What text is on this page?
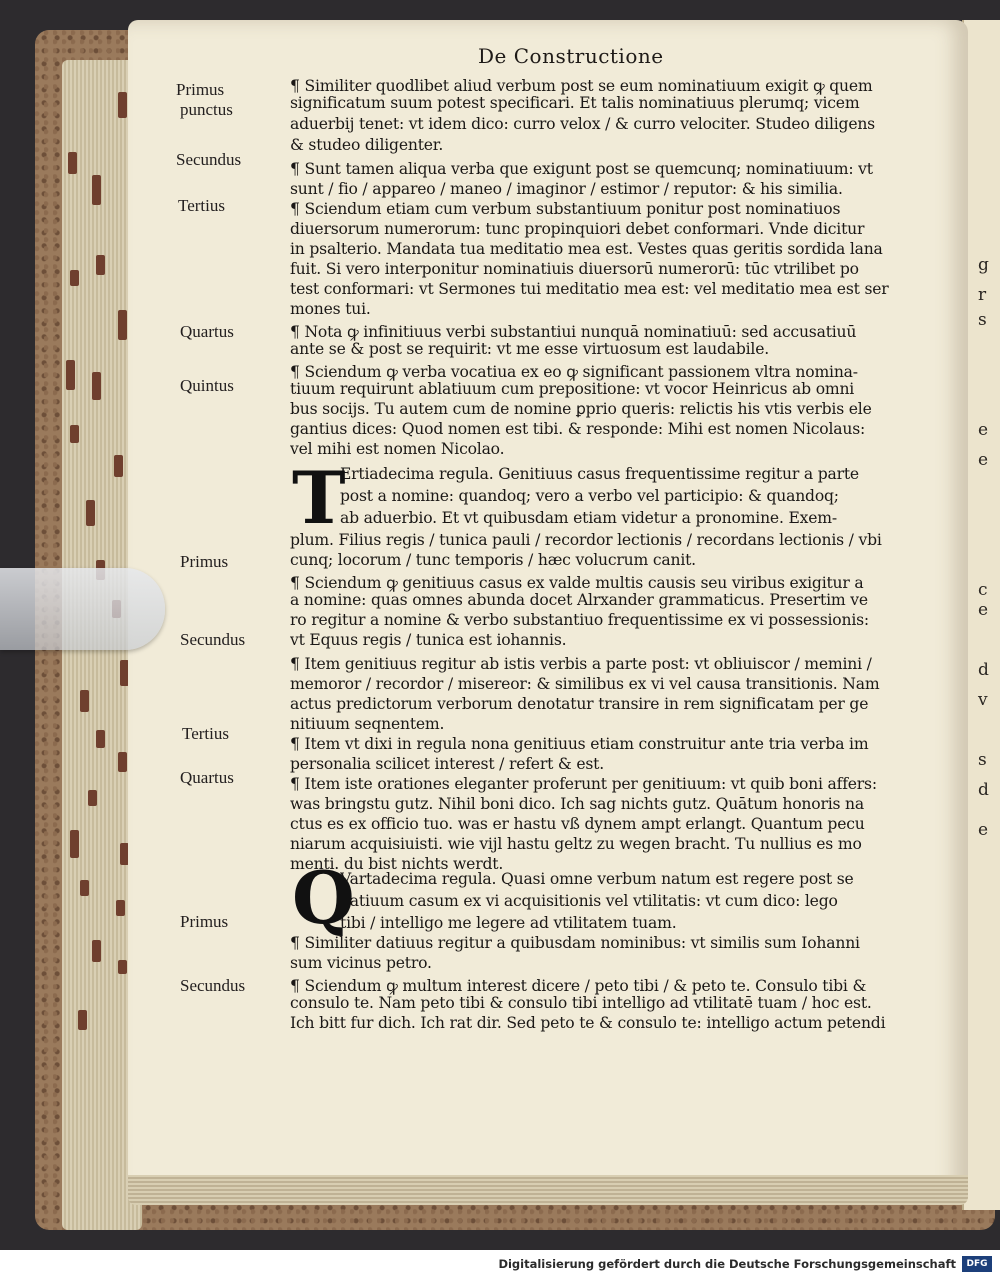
g
r
s
e
e
c
e
d
v
s
d
e
De Constructione
Primus
punctus
Secundus
Tertius
Quartus
Quintus
Primus
Secundus
Tertius
Quartus
Primus
Secundus
¶ Similiter quodlibet aliud verbum post se eum nominatiuum exigit ꝙ quem
significatum suum potest specificari. Et talis nominatiuus plerumq; vicem
aduerbij tenet: vt idem dico: curro velox / & curro velociter. Studeo diligens
& studeo diligenter.
¶ Sunt tamen aliqua verba que exigunt post se quemcunq; nominatiuum: vt
sunt / fio / appareo / maneo / imaginor / estimor / reputor: & his similia.
¶ Sciendum etiam cum verbum substantiuum ponitur post nominatiuos
diuersorum numerorum: tunc propinquiori debet conformari. Vnde dicitur
in psalterio. Mandata tua meditatio mea est. Vestes quas geritis sordida lana
fuit. Si vero interponitur nominatiuis diuersorū numerorū: tūc vtrilibet po
test conformari: vt Sermones tui meditatio mea est: vel meditatio mea est ser
mones tui.
¶ Nota ꝙ infinitiuus verbi substantiui nunquā nominatiuū: sed accusatiuū
ante se & post se requirit: vt me esse virtuosum est laudabile.
¶ Sciendum ꝙ verba vocatiua ex eo ꝙ significant passionem vltra nomina-
tiuum requirunt ablatiuum cum prepositione: vt vocor Heinricus ab omni
bus socijs. Tu autem cum de nomine ꝑprio queris: relictis his vtis verbis ele
gantius dices: Quod nomen est tibi. & responde: Mihi est nomen Nicolaus:
vel mihi est nomen Nicolao.
Ertiadecima regula. Genitiuus casus frequentissime regitur a parte
post a nomine: quandoq; vero a verbo vel participio: & quandoq;
ab aduerbio. Et vt quibusdam etiam videtur a pronomine. Exem-
plum. Filius regis / tunica pauli / recordor lectionis / recordans lectionis / vbi
cunq; locorum / tunc temporis / hæc volucrum canit.
¶ Sciendum ꝙ genitiuus casus ex valde multis causis seu viribus exigitur a
a nomine: quas omnes abunda docet Alrxander grammaticus. Presertim ve
ro regitur a nomine & verbo substantiuo frequentissime ex vi possessionis:
vt Equus regis / tunica est iohannis.
¶ Item genitiuus regitur ab istis verbis a parte post: vt obliuiscor / memini /
memoror / recordor / misereor: & similibus ex vi vel causa transitionis. Nam
actus predictorum verborum denotatur transire in rem significatam per ge
nitiuum seqnentem.
¶ Item vt dixi in regula nona genitiuus etiam construitur ante tria verba im
personalia scilicet interest / refert & est.
¶ Item iste orationes eleganter proferunt per genitiuum: vt quib boni affers:
was bringstu gutz. Nihil boni dico. Ich sag nichts gutz. Quātum honoris na
ctus es ex officio tuo. was er hastu vß dynem ampt erlangt. Quantum pecu
niarum acquisiuisti. wie vijl hastu geltz zu wegen bracht. Tu nullius es mo
menti. du bist nichts werdt.
Vartadecima regula. Quasi omne verbum natum est regere post se
datiuum casum ex vi acquisitionis vel vtilitatis: vt cum dico: lego
tibi / intelligo me legere ad vtilitatem tuam.
¶ Similiter datiuus regitur a quibusdam nominibus: vt similis sum Iohanni
sum vicinus petro.
¶ Sciendum ꝙ multum interest dicere / peto tibi / & peto te. Consulo tibi &
consulo te. Nam peto tibi & consulo tibi intelligo ad vtilitatē tuam / hoc est.
Ich bitt fur dich. Ich rat dir. Sed peto te & consulo te: intelligo actum petendi
T
Q
Digitalisierung gefördert durch die Deutsche Forschungsgemeinschaft	DFG
